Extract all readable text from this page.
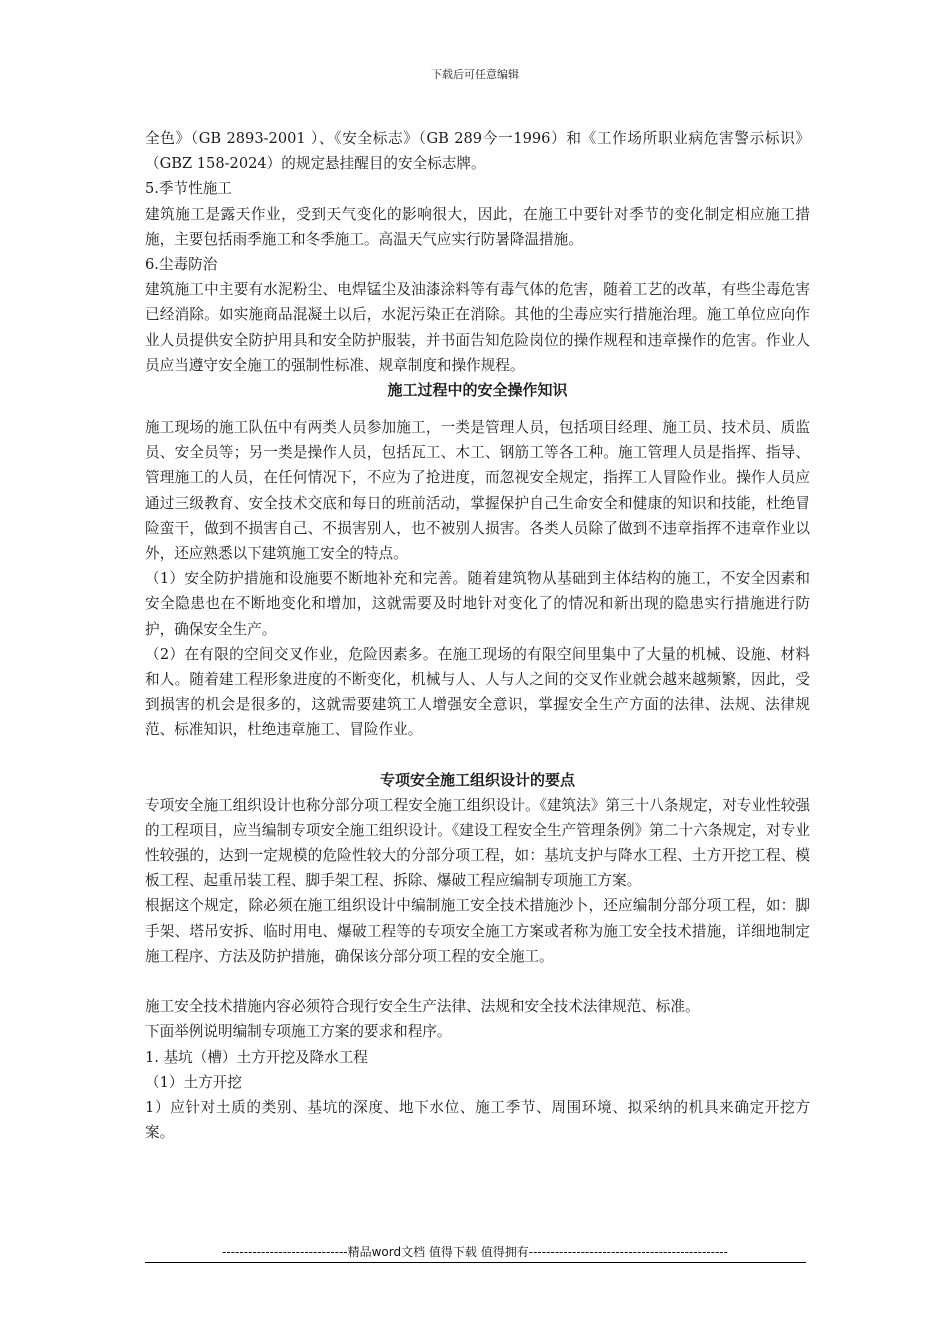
下载后可任意编辑

全色》（GB 2893-2001 ）、《安全标志》（GB 289今一1996）和《工作场所职业病危害警示标识》（GBZ 158-2024）的规定悬挂醒目的安全标志牌。

5.季节性施工

建筑施工是露天作业，受到天气变化的影响很大，因此，在施工中要针对季节的变化制定相应施工措施，主要包括雨季施工和冬季施工。高温天气应实行防暑降温措施。

6.尘毒防治

建筑施工中主要有水泥粉尘、电焊锰尘及油漆涂料等有毒气体的危害，随着工艺的改革，有些尘毒危害已经消除。如实施商品混凝土以后，水泥污染正在消除。其他的尘毒应实行措施治理。施工单位应向作业人员提供安全防护用具和安全防护服装，并书面告知危险岗位的操作规程和违章操作的危害。作业人员应当遵守安全施工的强制性标准、规章制度和操作规程。

施工过程中的安全操作知识

施工现场的施工队伍中有两类人员参加施工，一类是管理人员，包括项目经理、施工员、技术员、质监员、安全员等；另一类是操作人员，包括瓦工、木工、钢筋工等各工种。施工管理人员是指挥、指导、管理施工的人员，在任何情况下，不应为了抢进度，而忽视安全规定，指挥工人冒险作业。操作人员应通过三级教育、安全技术交底和每日的班前活动，掌握保护自己生命安全和健康的知识和技能，杜绝冒险蛮干，做到不损害自己、不损害别人，也不被别人损害。各类人员除了做到不违章指挥不违章作业以外，还应熟悉以下建筑施工安全的特点。

（1）安全防护措施和设施要不断地补充和完善。随着建筑物从基础到主体结构的施工，不安全因素和安全隐患也在不断地变化和增加，这就需要及时地针对变化了的情况和新出现的隐患实行措施进行防护，确保安全生产。

（2）在有限的空间交叉作业，危险因素多。在施工现场的有限空间里集中了大量的机械、设施、材料和人。随着建工程形象进度的不断变化，机械与人、人与人之间的交叉作业就会越来越频繁，因此，受到损害的机会是很多的，这就需要建筑工人增强安全意识，掌握安全生产方面的法律、法规、法律规范、标准知识，杜绝违章施工、冒险作业。

专项安全施工组织设计的要点

专项安全施工组织设计也称分部分项工程安全施工组织设计。《建筑法》第三十八条规定，对专业性较强的工程项目，应当编制专项安全施工组织设计。《建设工程安全生产管理条例》第二十六条规定，对专业性较强的，达到一定规模的危险性较大的分部分项工程，如：基坑支护与降水工程、土方开挖工程、模板工程、起重吊装工程、脚手架工程、拆除、爆破工程应编制专项施工方案。

根据这个规定，除必须在施工组织设计中编制施工安全技术措施沙卜，还应编制分部分项工程，如：脚手架、塔吊安拆、临时用电、爆破工程等的专项安全施工方案或者称为施工安全技术措施，详细地制定施工程序、方法及防护措施，确保该分部分项工程的安全施工。

施工安全技术措施内容必须符合现行安全生产法律、法规和安全技术法律规范、标准。

下面举例说明编制专项施工方案的要求和程序。

1. 基坑（槽）土方开挖及降水工程

（1）土方开挖

1）应针对土质的类别、基坑的深度、地下水位、施工季节、周围环境、拟采纳的机具来确定开挖方案。

-----------------------------精品word文档 值得下载 值得拥有----------------------------------------------
